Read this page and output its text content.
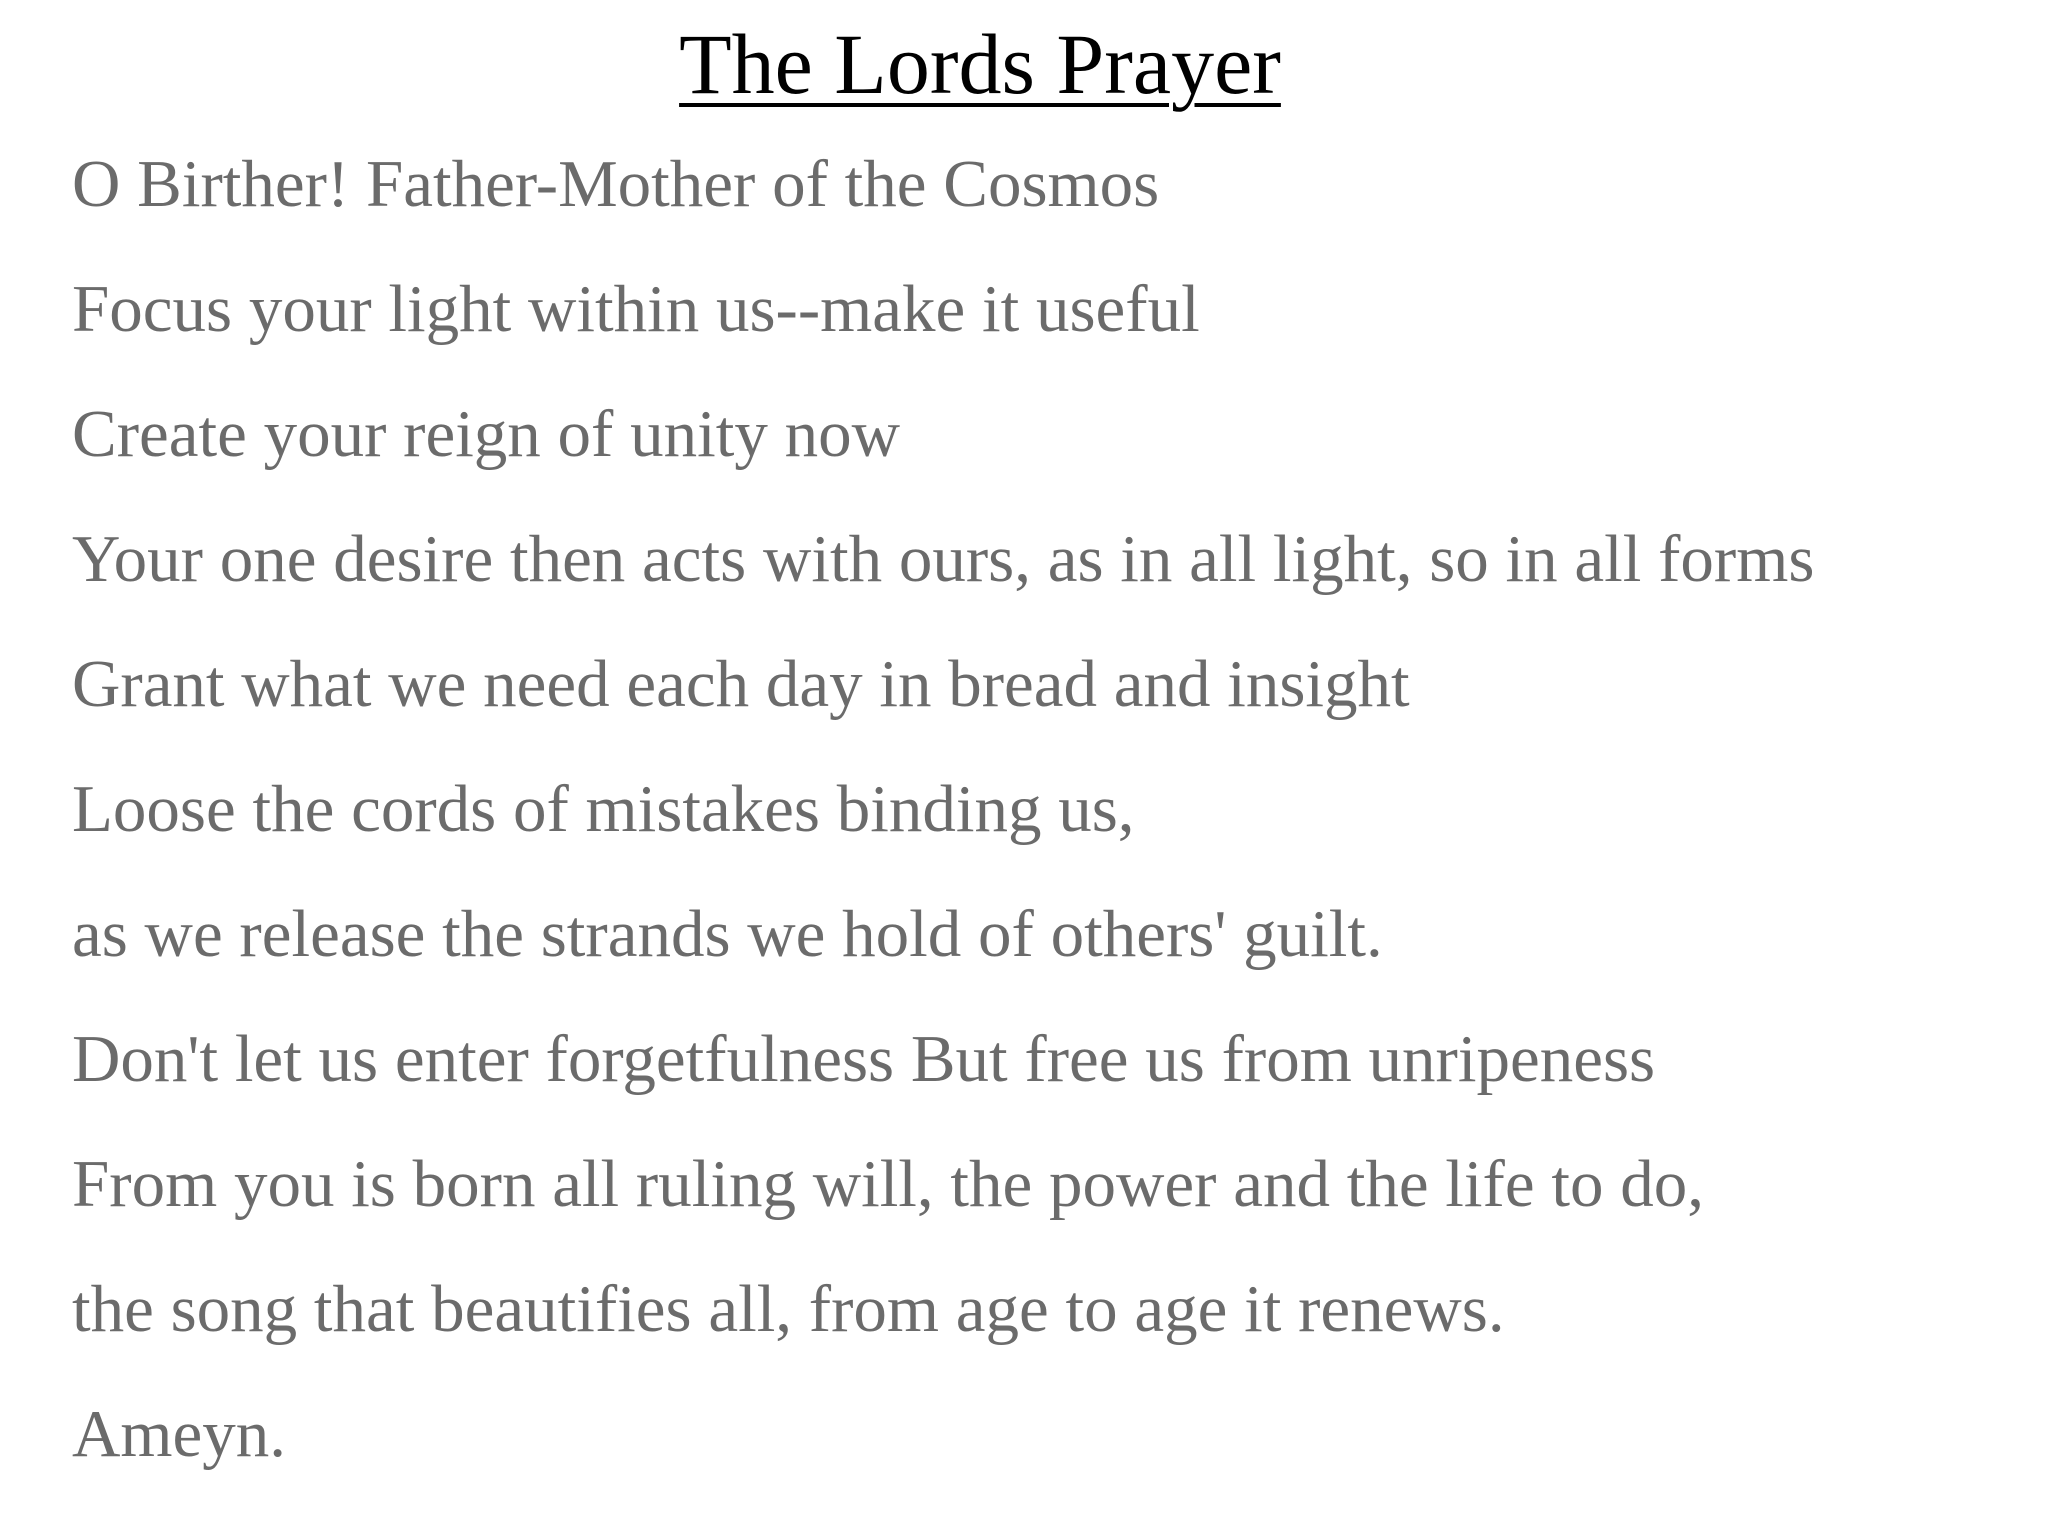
The Lords Prayer
O Birther! Father-Mother of the Cosmos
Focus your light within us--make it useful
Create your reign of unity now
Your one desire then acts with ours, as in all light, so in all forms
Grant what we need each day in bread and insight
Loose the cords of mistakes binding us,
as we release the strands we hold of others' guilt.
Don't let us enter forgetfulness But free us from unripeness
From you is born all ruling will, the power and the life to do,
the song that beautifies all, from age to age it renews.
Ameyn.
